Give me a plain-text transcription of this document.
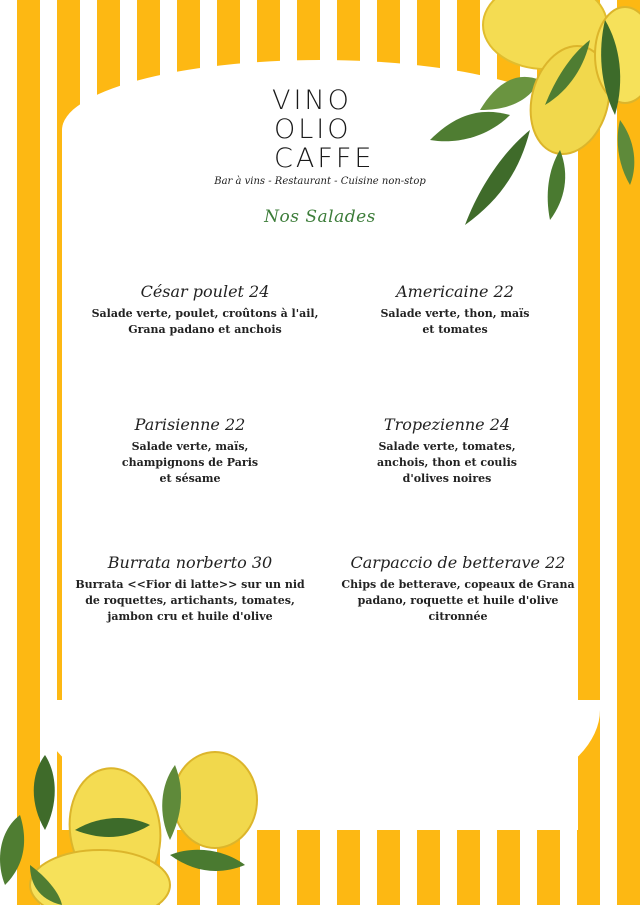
VINO
OLIO
CAFFE
Bar à vins - Restaurant - Cuisine non-stop
Nos Salades
César poulet 24
Salade verte, poulet, croûtons à l'ail, Grana padano et anchois
Americaine 22
Salade verte, thon, maïs et tomates
Parisienne 22
Salade verte, maïs, champignons de Paris et sésame
Tropezienne 24
Salade verte, tomates, anchois, thon et coulis d'olives noires
Burrata norberto 30
Burrata <<Fior di latte>> sur un nid de roquettes, artichants, tomates, jambon cru et huile d'olive
Carpaccio de betterave 22
Chips de betterave, copeaux de Grana padano, roquette et huile d'olive citronnée
